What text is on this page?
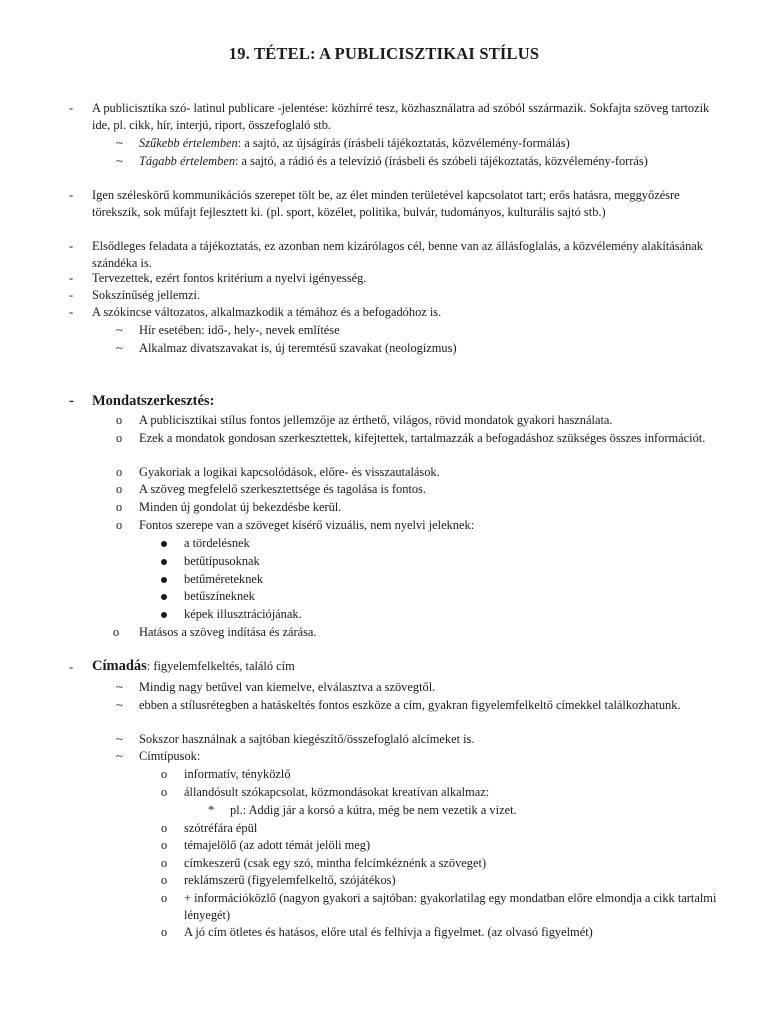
19. TÉTEL: A PUBLICISZTIKAI STÍLUS
- A publicisztika szó- latinul publicare -jelentése: közhírré tesz, közhasználatra ad szóból sszármazik. Sokfajta szöveg tartozik ide, pl. cikk, hír, interjú, riport, összefoglaló stb.
~ Szűkebb értelemben: a sajtó, az újságírás (írásbeli tájékoztatás, közvélemény-formálás)
~ Tágabb értelemben: a sajtó, a rádió és a televízió (írásbeli és szóbeli tájékoztatás, közvélemény-forrás)
- Igen széleskörű kommunikációs szerepet tölt be, az élet minden területével kapcsolatot tart; erős hatásra, meggyőzésre törekszik, sok műfajt fejlesztett ki. (pl. sport, közélet, politika, bulvár, tudományos, kulturális sajtó stb.)
- Elsődleges feladata a tájékoztatás, ez azonban nem kizárólagos cél, benne van az állásfoglalás, a közvélemény alakításának szándéka is.
- Tervezettek, ezért fontos kritérium a nyelvi igényesség.
- Sokszínűség jellemzi.
- A szókincse változatos, alkalmazkodik a témához és a befogadóhoz is.
~ Hír esetében: idő-, hely-, nevek említése
~ Alkalmaz divatszavakat is, új teremtésű szavakat (neologizmus)
- Mondatszerkesztés:
o A publicisztikai stílus fontos jellemzője az érthető, világos, rövid mondatok gyakori használata.
o Ezek a mondatok gondosan szerkesztettek, kifejtettek, tartalmazzák a befogadáshoz szükséges összes információt.
o Gyakoriak a logikai kapcsolódások, előre- és visszautalások.
o A szöveg megfelelő szerkesztettsége és tagolása is fontos.
o Minden új gondolat új bekezdésbe kerül.
o Fontos szerepe van a szöveget kísérő vizuális, nem nyelvi jeleknek:
a tördelésnek
betűtípusoknak
betűméreteknek
betűszíneknek
képek illusztrációjának.
o Hatásos a szöveg indítása és zárása.
- Címadás: figyelemfelkeltés, találó cím
~ Mindig nagy betűvel van kiemelve, elválasztva a szövegtől.
~ ebben a stílusrétegben a hatáskeltés fontos eszköze a cím, gyakran figyelemfelkeltő címekkel találkozhatunk.
~ Sokszor használnak a sajtóban kiegészítő/összefoglaló alcímeket is.
~ Címtípusok:
o informatív, tényközlő
o állandósult szókapcsolat, közmondásokat kreatívan alkalmaz:
* pl.: Addig jár a korsó a kútra, még be nem vezetik a vizet.
o szótréfára épül
o témajelölő (az adott témát jelöli meg)
o címkeszerű (csak egy szó, mintha felcímkéznénk a szöveget)
o reklámszerű (figyelemfelkeltő, szójátékos)
o + információközlő (nagyon gyakori a sajtóban: gyakorlatilag egy mondatban előre elmondja a cikk tartalmi lényegét)
o A jó cím ötletes és hatásos, előre utal és felhívja a figyelmet. (az olvasó figyelmét)
